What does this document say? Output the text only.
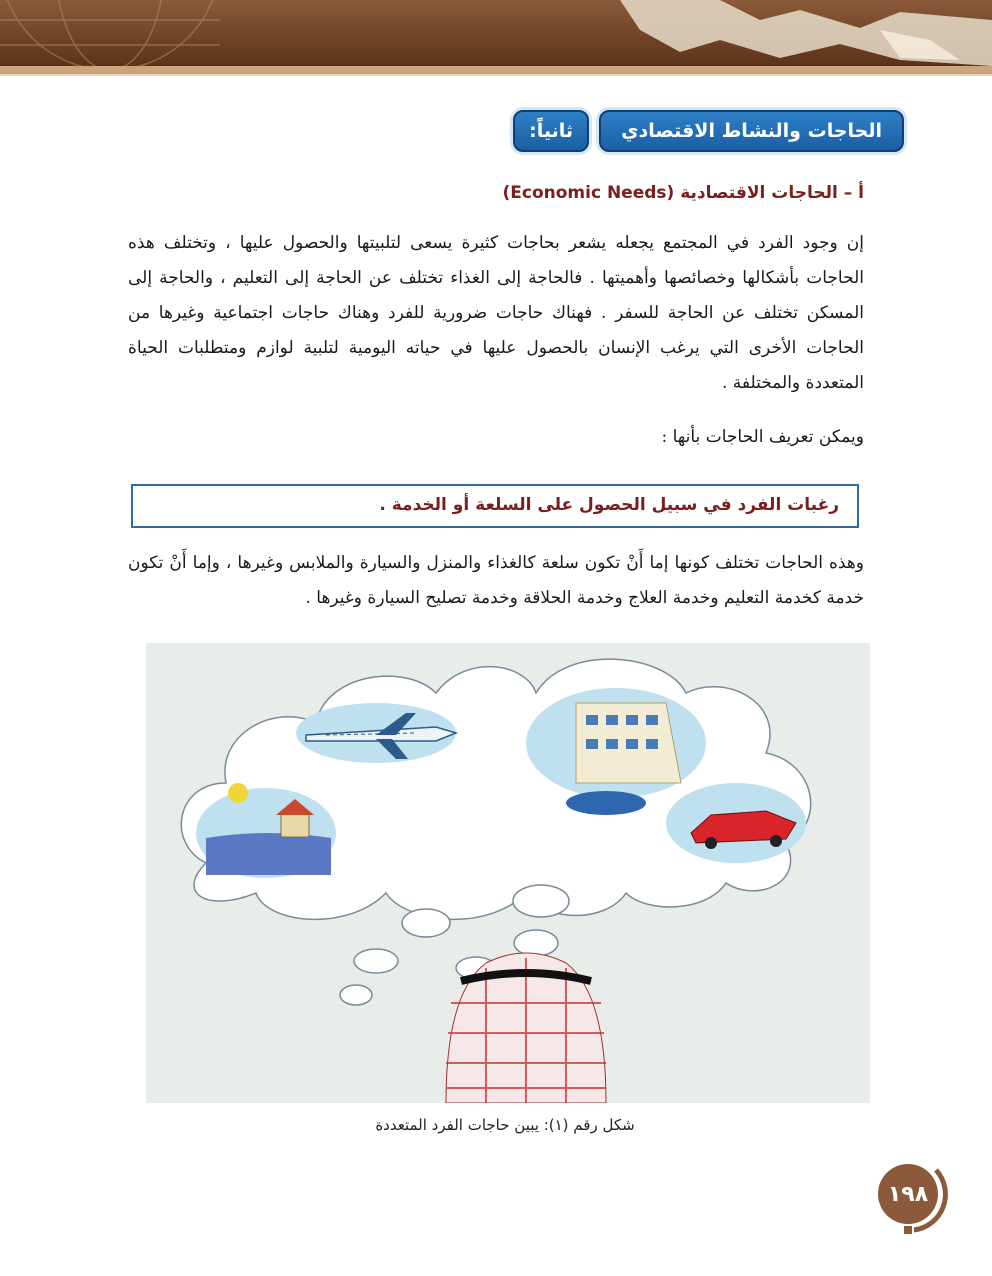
ثانياً:	الحاجات والنشاط الاقتصادي
أ – الحاجات الاقتصادية (Economic Needs)
إن وجود الفرد في المجتمع يجعله يشعر بحاجات كثيرة يسعى لتلبيتها والحصول عليها ، وتختلف هذه الحاجات بأشكالها وخصائصها وأهميتها . فالحاجة إلى الغذاء تختلف عن الحاجة إلى التعليم ، والحاجة إلى المسكن تختلف عن الحاجة للسفر . فهناك حاجات ضرورية للفرد وهناك حاجات اجتماعية وغيرها من الحاجات الأخرى التي يرغب الإنسان بالحصول عليها في حياته اليومية لتلبية لوازم ومتطلبات الحياة المتعددة والمختلفة .
ويمكن تعريف الحاجات بأنها :
رغبات الفرد في سبيل الحصول على السلعة أو الخدمة .
وهذه الحاجات تختلف كونها إما أَنْ تكون سلعة كالغذاء والمنزل والسيارة والملابس وغيرها ، وإما أَنْ تكون خدمة كخدمة التعليم وخدمة العلاج وخدمة الحلاقة وخدمة تصليح السيارة وغيرها .
شكل رقم (١): يبين حاجات الفرد المتعددة
١٩٨
